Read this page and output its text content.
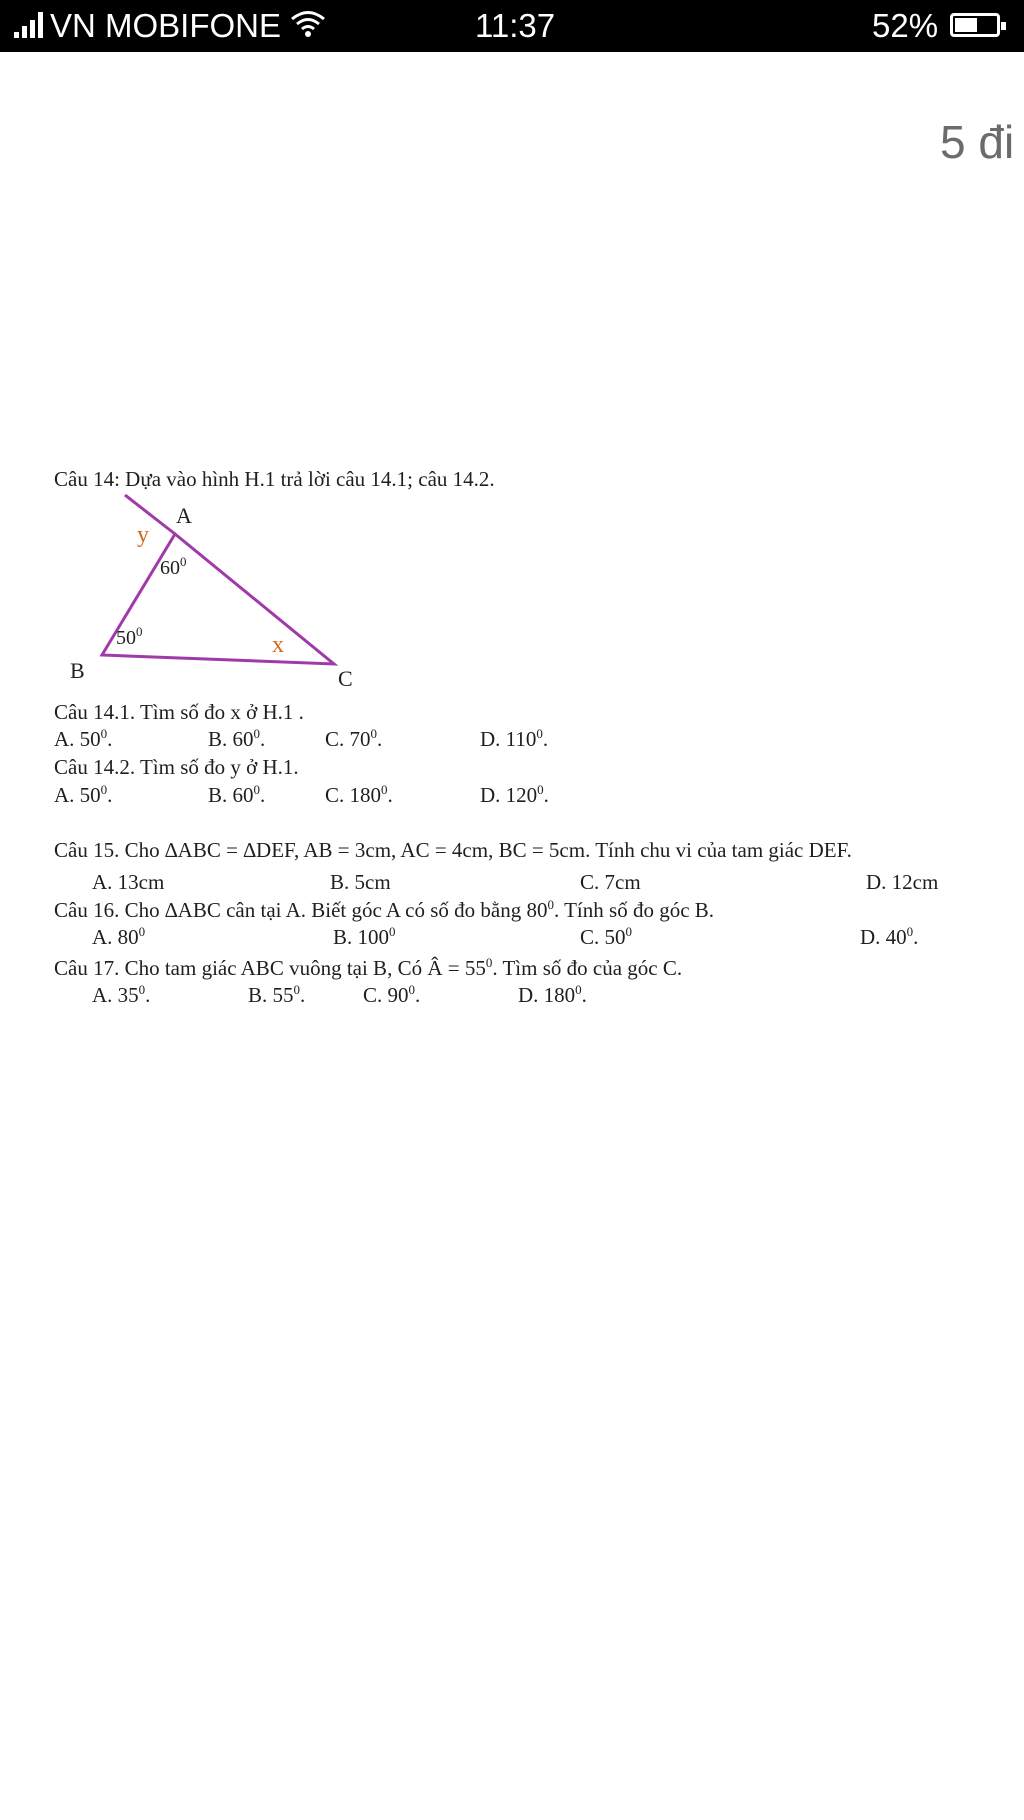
VN MOBIFONE	11:37	52%
5 đi
Câu 14: Dựa vào hình H.1 trả lời câu 14.1; câu 14.2.
A
B	C
y
x
$60^0$
$50^0$
Câu 14.1. Tìm số đo x ở H.1 .
A. $50^0$.	B. $60^0$.	C. $70^0$.	D. $110^0$.
Câu 14.2. Tìm số đo y ở H.1.
A. $50^0$.	B. $60^0$.	C. $180^0$.	D. $120^0$.
Câu 15. Cho ∆ABC = ∆DEF, AB = 3cm, AC = 4cm, BC = 5cm. Tính chu vi của tam giác DEF.
A. 13cm	B. 5cm	C. 7cm	D. 12cm
Câu 16. Cho ∆ABC cân tại A. Biết góc A có số đo bằng $80^0$. Tính số đo góc B.
A. $80^0$	B. $100^0$	C. $50^0$	D. $40^0$.
Câu 17. Cho tam giác ABC vuông tại B, Có Â = $55^0$. Tìm số đo của góc C.
A. $35^0$.	B. $55^0$.	C. $90^0$.	D. $180^0$.
